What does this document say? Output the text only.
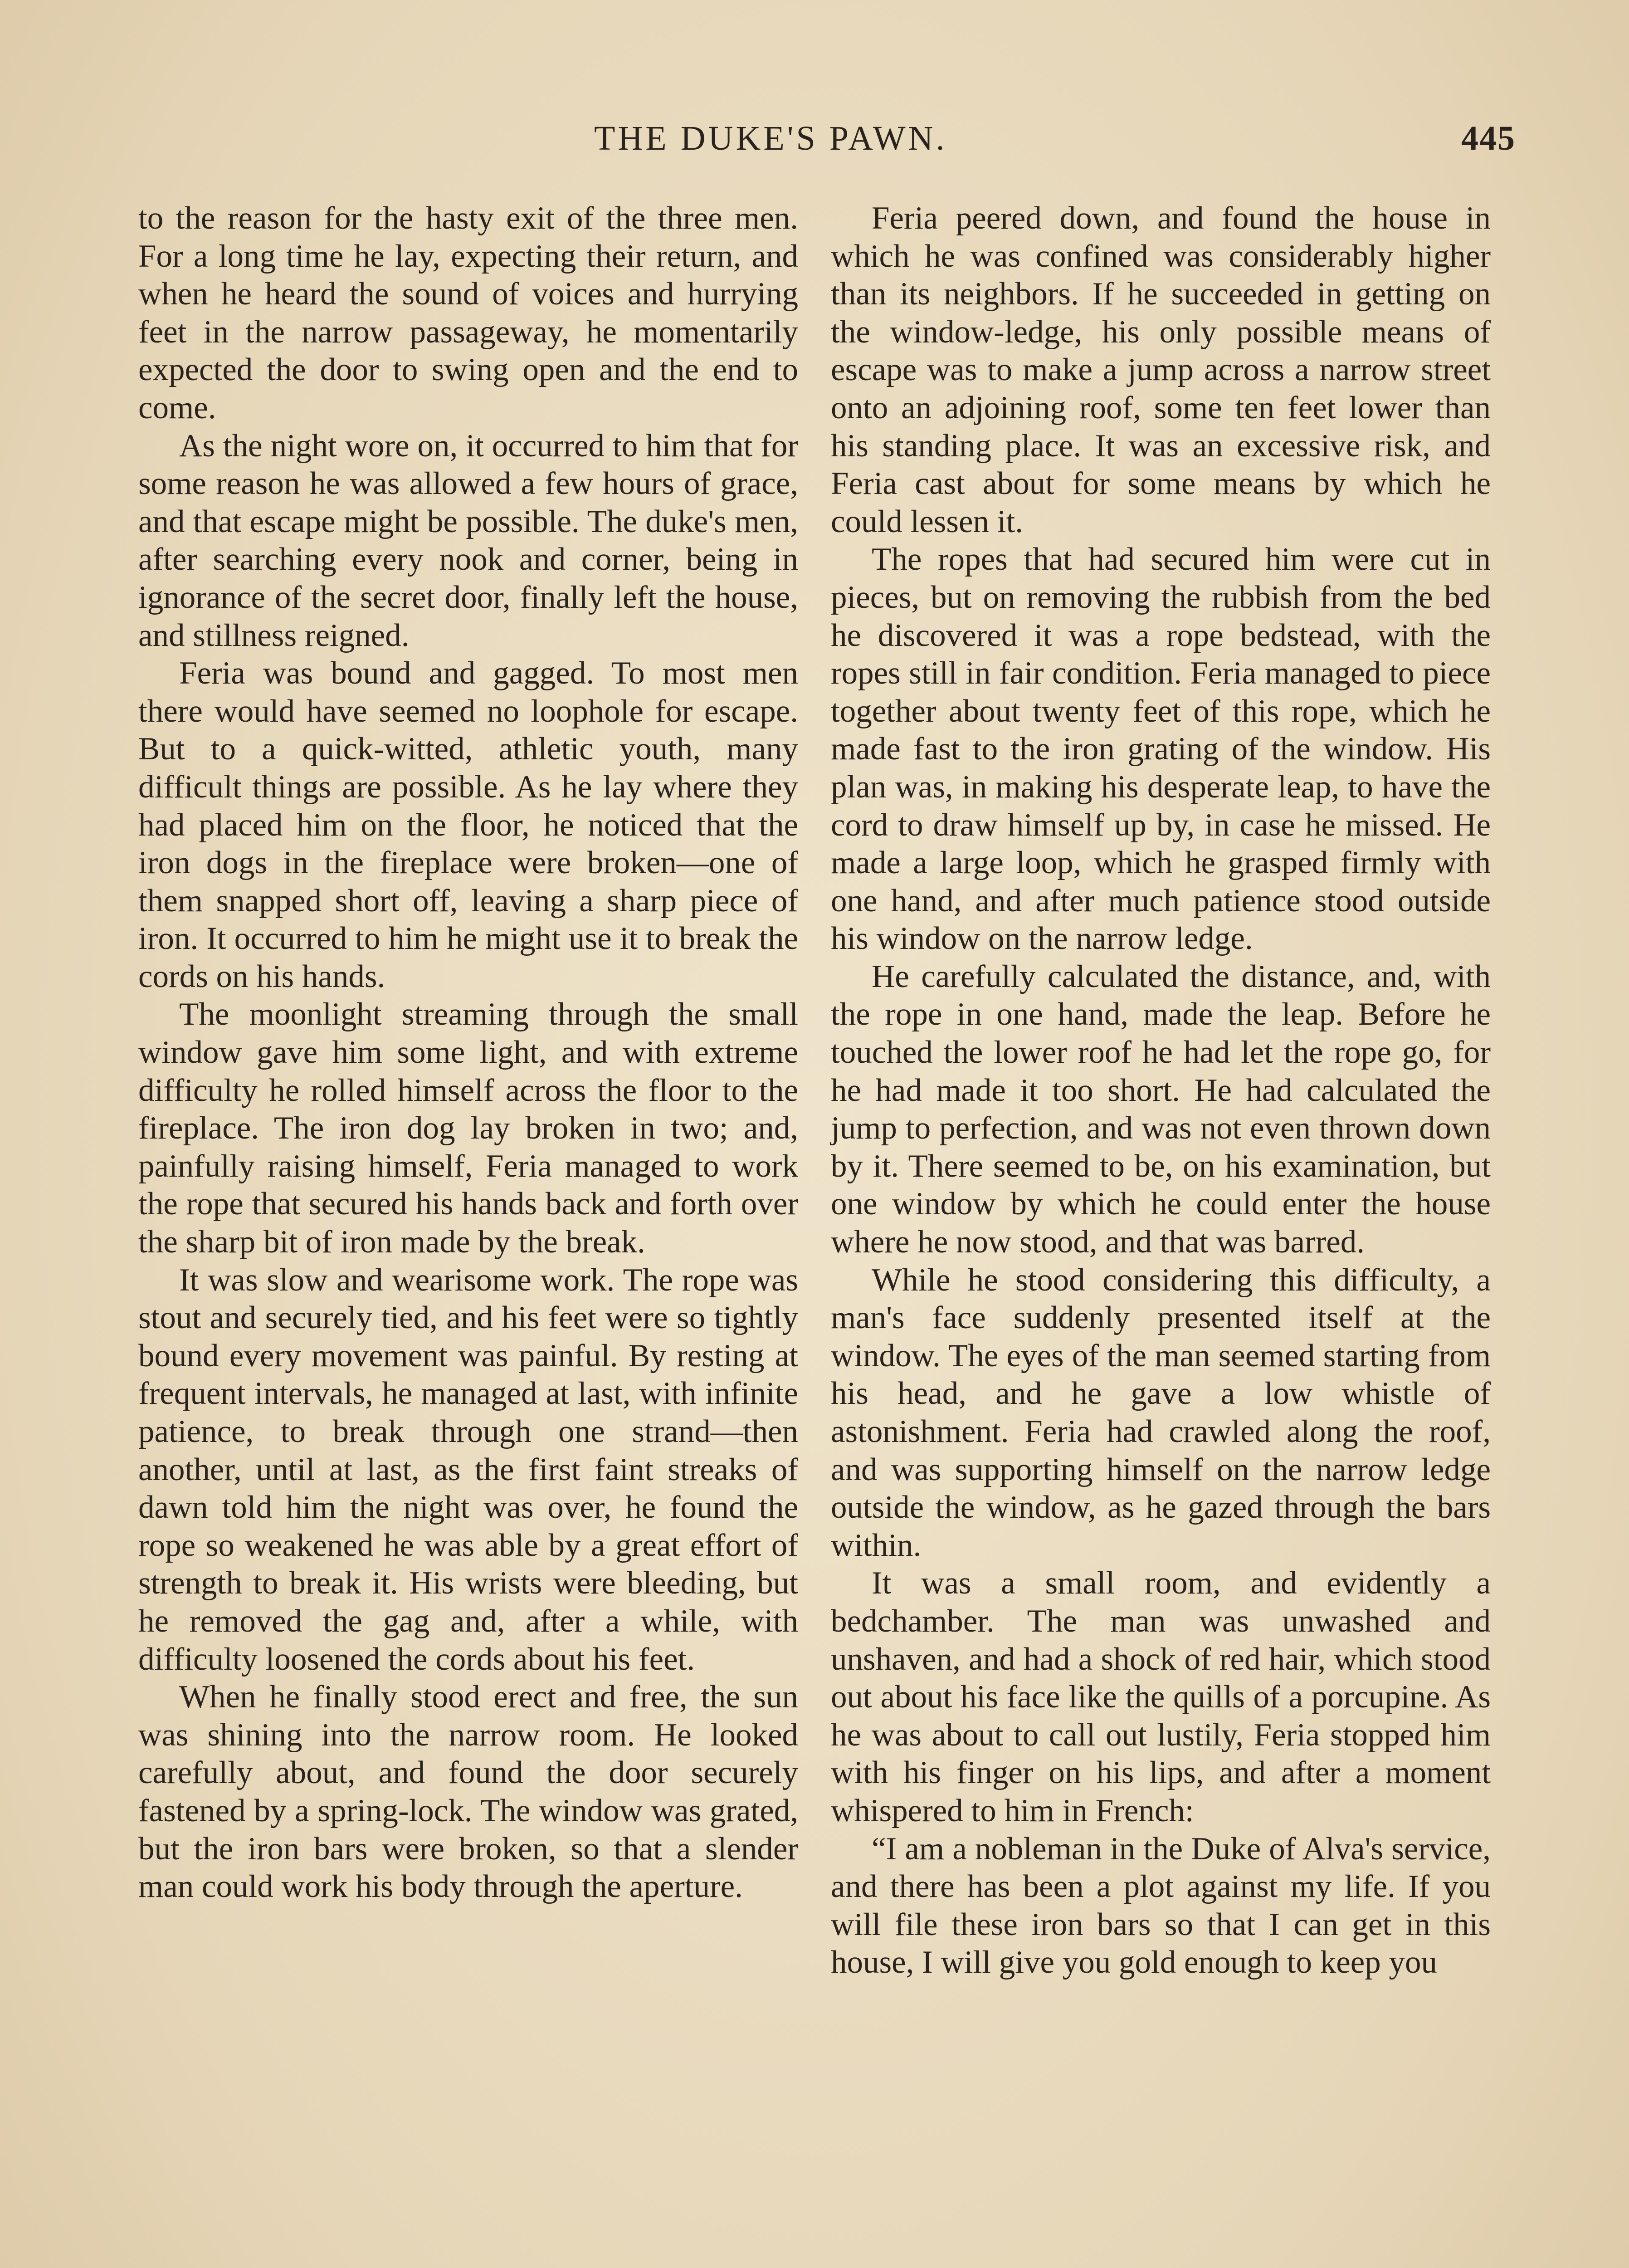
THE DUKE'S PAWN.	445

to the reason for the hasty exit of the three men. For a long time he lay, expecting their return, and when he heard the sound of voices and hurrying feet in the narrow passageway, he momentarily expected the door to swing open and the end to come.

As the night wore on, it occurred to him that for some reason he was allowed a few hours of grace, and that escape might be possible. The duke's men, after searching every nook and corner, being in ignorance of the secret door, finally left the house, and stillness reigned.

Feria was bound and gagged. To most men there would have seemed no loophole for escape. But to a quick-witted, athletic youth, many difficult things are possible. As he lay where they had placed him on the floor, he noticed that the iron dogs in the fireplace were broken—one of them snapped short off, leaving a sharp piece of iron. It occurred to him he might use it to break the cords on his hands.

The moonlight streaming through the small window gave him some light, and with extreme difficulty he rolled himself across the floor to the fireplace. The iron dog lay broken in two; and, painfully raising himself, Feria managed to work the rope that secured his hands back and forth over the sharp bit of iron made by the break.

It was slow and wearisome work. The rope was stout and securely tied, and his feet were so tightly bound every movement was painful. By resting at frequent intervals, he managed at last, with infinite patience, to break through one strand—then another, until at last, as the first faint streaks of dawn told him the night was over, he found the rope so weakened he was able by a great effort of strength to break it. His wrists were bleeding, but he removed the gag and, after a while, with difficulty loosened the cords about his feet.

When he finally stood erect and free, the sun was shining into the narrow room. He looked carefully about, and found the door securely fastened by a spring-lock. The window was grated, but the iron bars were broken, so that a slender man could work his body through the aperture.

Feria peered down, and found the house in which he was confined was considerably higher than its neighbors. If he succeeded in getting on the window-ledge, his only possible means of escape was to make a jump across a narrow street onto an adjoining roof, some ten feet lower than his standing place. It was an excessive risk, and Feria cast about for some means by which he could lessen it.

The ropes that had secured him were cut in pieces, but on removing the rubbish from the bed he discovered it was a rope bedstead, with the ropes still in fair condition. Feria managed to piece together about twenty feet of this rope, which he made fast to the iron grating of the window. His plan was, in making his desperate leap, to have the cord to draw himself up by, in case he missed. He made a large loop, which he grasped firmly with one hand, and after much patience stood outside his window on the narrow ledge.

He carefully calculated the distance, and, with the rope in one hand, made the leap. Before he touched the lower roof he had let the rope go, for he had made it too short. He had calculated the jump to perfection, and was not even thrown down by it. There seemed to be, on his examination, but one window by which he could enter the house where he now stood, and that was barred.

While he stood considering this difficulty, a man's face suddenly presented itself at the window. The eyes of the man seemed starting from his head, and he gave a low whistle of astonishment. Feria had crawled along the roof, and was supporting himself on the narrow ledge outside the window, as he gazed through the bars within.

It was a small room, and evidently a bedchamber. The man was unwashed and unshaven, and had a shock of red hair, which stood out about his face like the quills of a porcupine. As he was about to call out lustily, Feria stopped him with his finger on his lips, and after a moment whispered to him in French:

“I am a nobleman in the Duke of Alva's service, and there has been a plot against my life. If you will file these iron bars so that I can get in this house, I will give you gold enough to keep you
